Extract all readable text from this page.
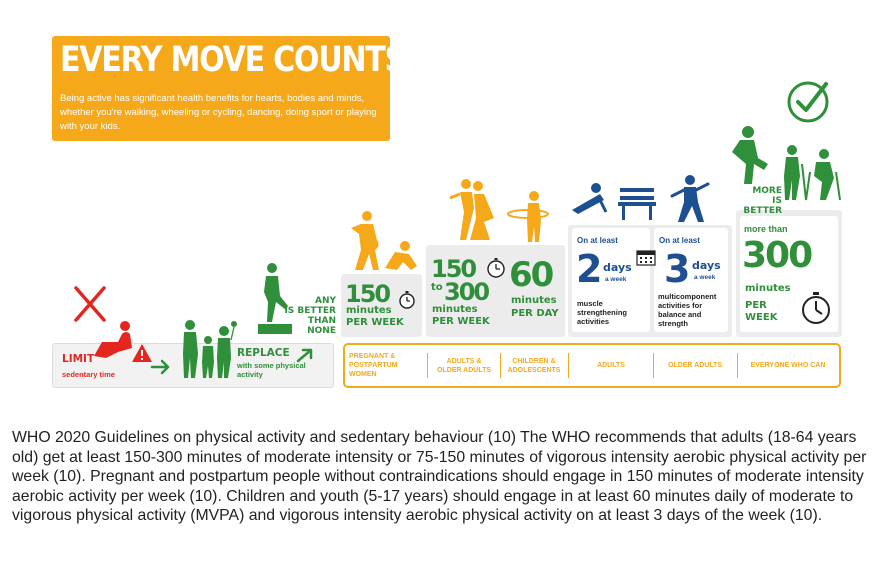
EVERY MOVE COUNTS
Being active has significant health benefits for hearts, bodies and minds, whether you're walking, wheeling or cycling, dancing, doing sport or playing with your kids.
LIMIT
sedentary time
REPLACE
with some physical activity
ANY
IS BETTER
THAN NONE
150
minutes
PER WEEK
150
to 300
minutes
PER WEEK
60
minutes
PER DAY
On at least
2 days
a week
muscle strengthening activities
On at least
3 days
a week
multicomponent activities for balance and strength
MORE
IS BETTER
more than
300
minutes
PER
WEEK
PREGNANT &
POSTPARTUM
WOMEN
ADULTS &
OLDER ADULTS
CHILDREN &
ADOLESCENTS
ADULTS	OLDER ADULTS	EVERYONE WHO CAN
WHO 2020 Guidelines on physical activity and sedentary behaviour (10) The WHO recommends that adults (18-64 years old) get at least 150-300 minutes of moderate intensity or 75-150 minutes of vigorous intensity aerobic physical activity per week (10). Pregnant and postpartum people without contraindications should engage in 150 minutes of moderate intensity aerobic activity per week (10). Children and youth (5-17 years) should engage in at least 60 minutes daily of moderate to vigorous physical activity (MVPA) and vigorous intensity aerobic physical activity on at least 3 days of the week (10).
